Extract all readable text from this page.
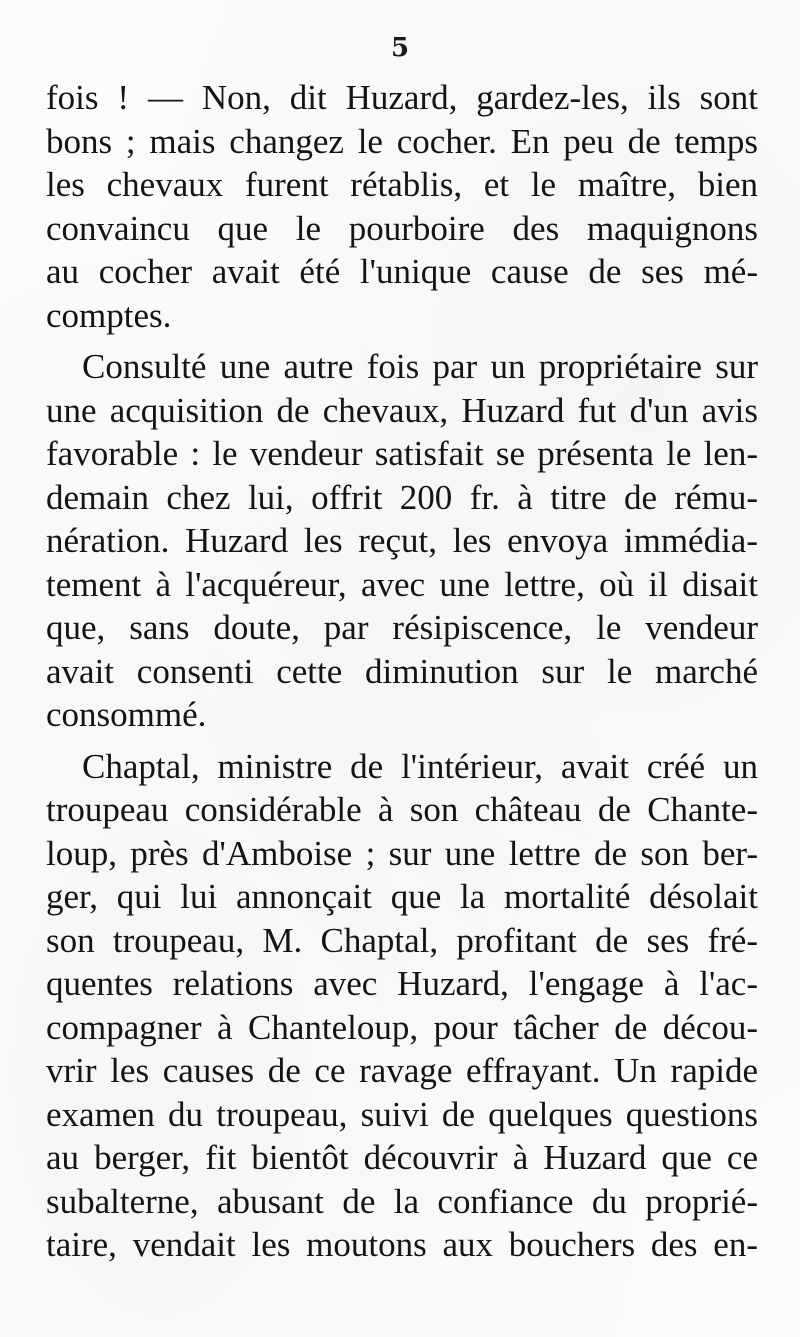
5
fois ! — Non, dit Huzard, gardez-les, ils sont
bons ; mais changez le cocher. En peu de temps
les chevaux furent rétablis, et le maître, bien
convaincu que le pourboire des maquignons
au cocher avait été l'unique cause de ses mé-
comptes.
Consulté une autre fois par un propriétaire sur
une acquisition de chevaux, Huzard fut d'un avis
favorable : le vendeur satisfait se présenta le len-
demain chez lui, offrit 200 fr. à titre de rému-
nération. Huzard les reçut, les envoya immédia-
tement à l'acquéreur, avec une lettre, où il disait
que, sans doute, par résipiscence, le vendeur
avait consenti cette diminution sur le marché
consommé.
Chaptal, ministre de l'intérieur, avait créé un
troupeau considérable à son château de Chante-
loup, près d'Amboise ; sur une lettre de son ber-
ger, qui lui annonçait que la mortalité désolait
son troupeau, M. Chaptal, profitant de ses fré-
quentes relations avec Huzard, l'engage à l'ac-
compagner à Chanteloup, pour tâcher de décou-
vrir les causes de ce ravage effrayant. Un rapide
examen du troupeau, suivi de quelques questions
au berger, fit bientôt découvrir à Huzard que ce
subalterne, abusant de la confiance du proprié-
taire, vendait les moutons aux bouchers des en-
